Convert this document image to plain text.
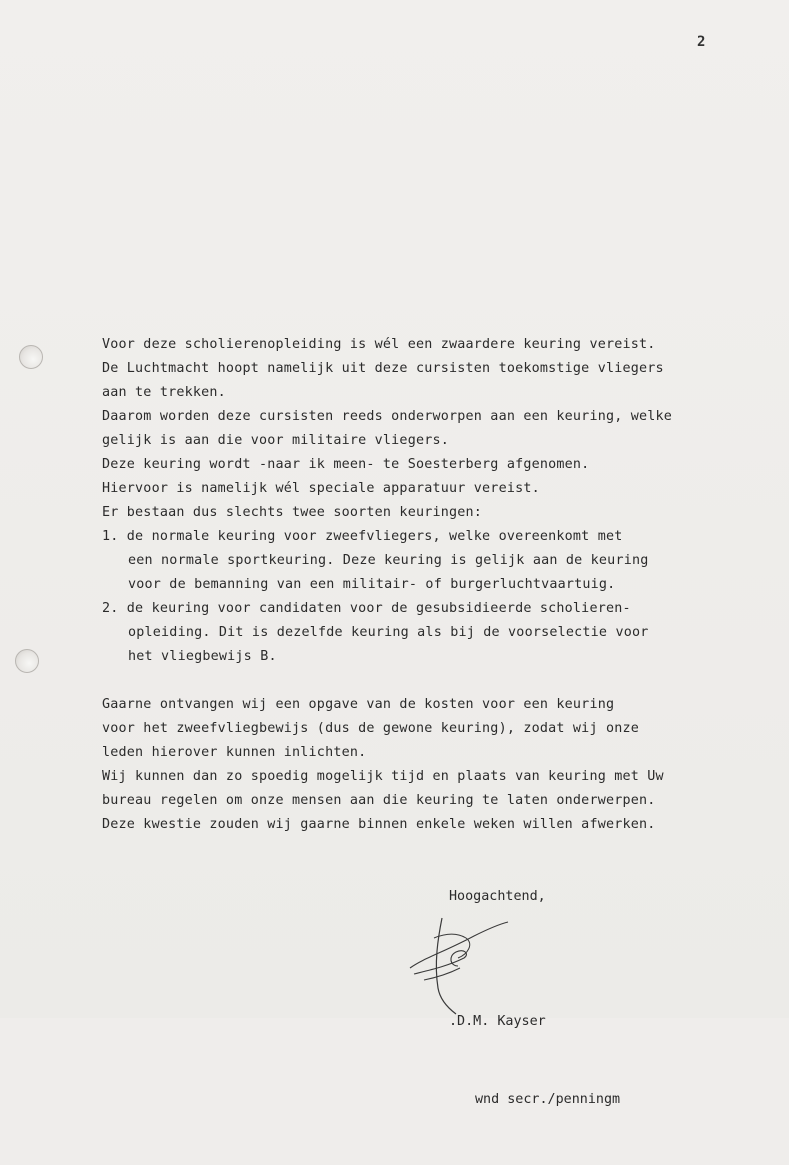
2
Voor deze scholierenopleiding is wél een zwaardere keuring vereist.
De Luchtmacht hoopt namelijk uit deze cursisten toekomstige vliegers
aan te trekken.
Daarom worden deze cursisten reeds onderworpen aan een keuring, welke
gelijk is aan die voor militaire vliegers.
Deze keuring wordt -naar ik meen- te Soesterberg afgenomen.
Hiervoor is namelijk wél speciale apparatuur vereist.
Er bestaan dus slechts twee soorten keuringen:
1. de normale keuring voor zweefvliegers, welke overeenkomt met
een normale sportkeuring. Deze keuring is gelijk aan de keuring
voor de bemanning van een militair- of burgerluchtvaartuig.
2. de keuring voor candidaten voor de gesubsidieerde scholieren-
opleiding. Dit is dezelfde keuring als bij de voorselectie voor
het vliegbewijs B.
Gaarne ontvangen wij een opgave van de kosten voor een keuring
voor het zweefvliegbewijs (dus de gewone keuring), zodat wij onze
leden hierover kunnen inlichten.
Wij kunnen dan zo spoedig mogelijk tijd en plaats van keuring met Uw
bureau regelen om onze mensen aan die keuring te laten onderwerpen.
Deze kwestie zouden wij gaarne binnen enkele weken willen afwerken.
Hoogachtend,

.D.M. Kayser

wnd secr./penningm
